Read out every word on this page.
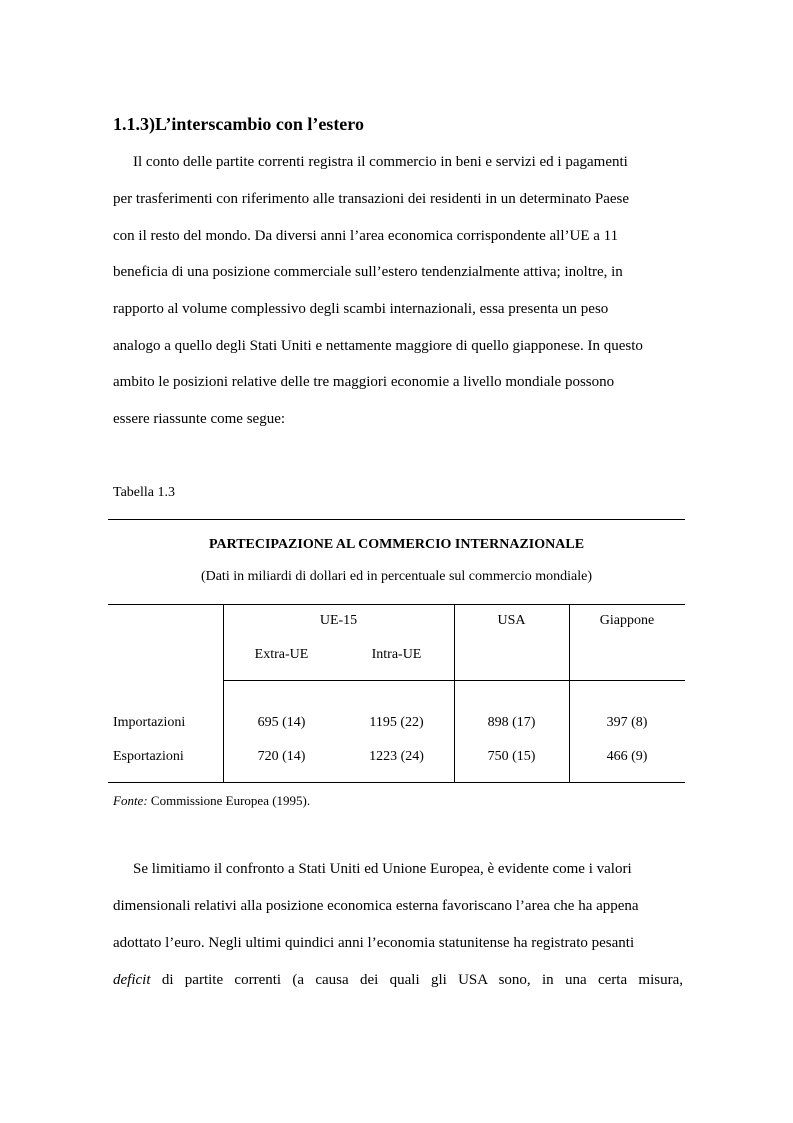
1.1.3)L’interscambio con l’estero

Il conto delle partite correnti registra il commercio in beni e servizi ed i pagamenti

per trasferimenti con riferimento alle transazioni dei residenti in un determinato Paese

con il resto del mondo. Da diversi anni l’area economica corrispondente all’UE a 11

beneficia di una posizione commerciale sull’estero tendenzialmente attiva; inoltre, in

rapporto al volume complessivo degli scambi internazionali, essa presenta un peso

analogo a quello degli Stati Uniti e nettamente maggiore di quello giapponese. In questo

ambito le posizioni relative delle tre maggiori economie a livello mondiale possono

essere riassunte come segue:

Tabella 1.3

PARTECIPAZIONE AL COMMERCIO INTERNAZIONALE

(Dati in miliardi di dollari ed in percentuale sul commercio mondiale)

UE-15	USA	Giappone

Extra-UE	Intra-UE

Importazioni	695 (14)	1195 (22)	898 (17)	397 (8)

Esportazioni	720 (14)	1223 (24)	750 (15)	466 (9)

Fonte: Commissione Europea (1995).

Se limitiamo il confronto a Stati Uniti ed Unione Europea, è evidente come i valori

dimensionali relativi alla posizione economica esterna favoriscano l’area che ha appena

adottato l’euro. Negli ultimi quindici anni l’economia statunitense ha registrato pesanti

deficit di partite correnti (a causa dei quali gli USA sono, in una certa misura,
